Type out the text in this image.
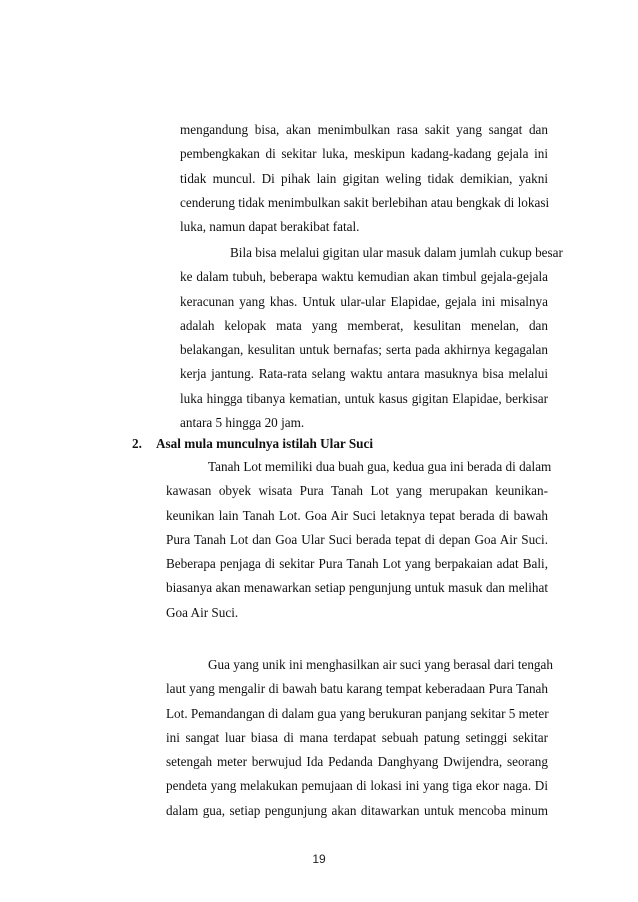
mengandung bisa, akan menimbulkan rasa sakit yang sangat dan
pembengkakan di sekitar luka, meskipun kadang-kadang gejala ini
tidak muncul. Di pihak lain gigitan weling tidak demikian, yakni
cenderung tidak menimbulkan sakit berlebihan atau bengkak di lokasi
luka, namun dapat berakibat fatal.
Bila bisa melalui gigitan ular masuk dalam jumlah cukup besar
ke dalam tubuh, beberapa waktu kemudian akan timbul gejala-gejala
keracunan yang khas. Untuk ular-ular Elapidae, gejala ini misalnya
adalah kelopak mata yang memberat, kesulitan menelan, dan
belakangan, kesulitan untuk bernafas; serta pada akhirnya kegagalan
kerja jantung. Rata-rata selang waktu antara masuknya bisa melalui
luka hingga tibanya kematian, untuk kasus gigitan Elapidae, berkisar
antara 5 hingga 20 jam.
2. Asal mula munculnya istilah Ular Suci
Tanah Lot memiliki dua buah gua, kedua gua ini berada di dalam
kawasan obyek wisata Pura Tanah Lot yang merupakan keunikan-
keunikan lain Tanah Lot. Goa Air Suci letaknya tepat berada di bawah
Pura Tanah Lot dan Goa Ular Suci berada tepat di depan Goa Air Suci.
Beberapa penjaga di sekitar Pura Tanah Lot yang berpakaian adat Bali,
biasanya akan menawarkan setiap pengunjung untuk masuk dan melihat
Goa Air Suci.
Gua yang unik ini menghasilkan air suci yang berasal dari tengah
laut yang mengalir di bawah batu karang tempat keberadaan Pura Tanah
Lot. Pemandangan di dalam gua yang berukuran panjang sekitar 5 meter
ini sangat luar biasa di mana terdapat sebuah patung setinggi sekitar
setengah meter berwujud Ida Pedanda Danghyang Dwijendra, seorang
pendeta yang melakukan pemujaan di lokasi ini yang tiga ekor naga. Di
dalam gua, setiap pengunjung akan ditawarkan untuk mencoba minum
19
